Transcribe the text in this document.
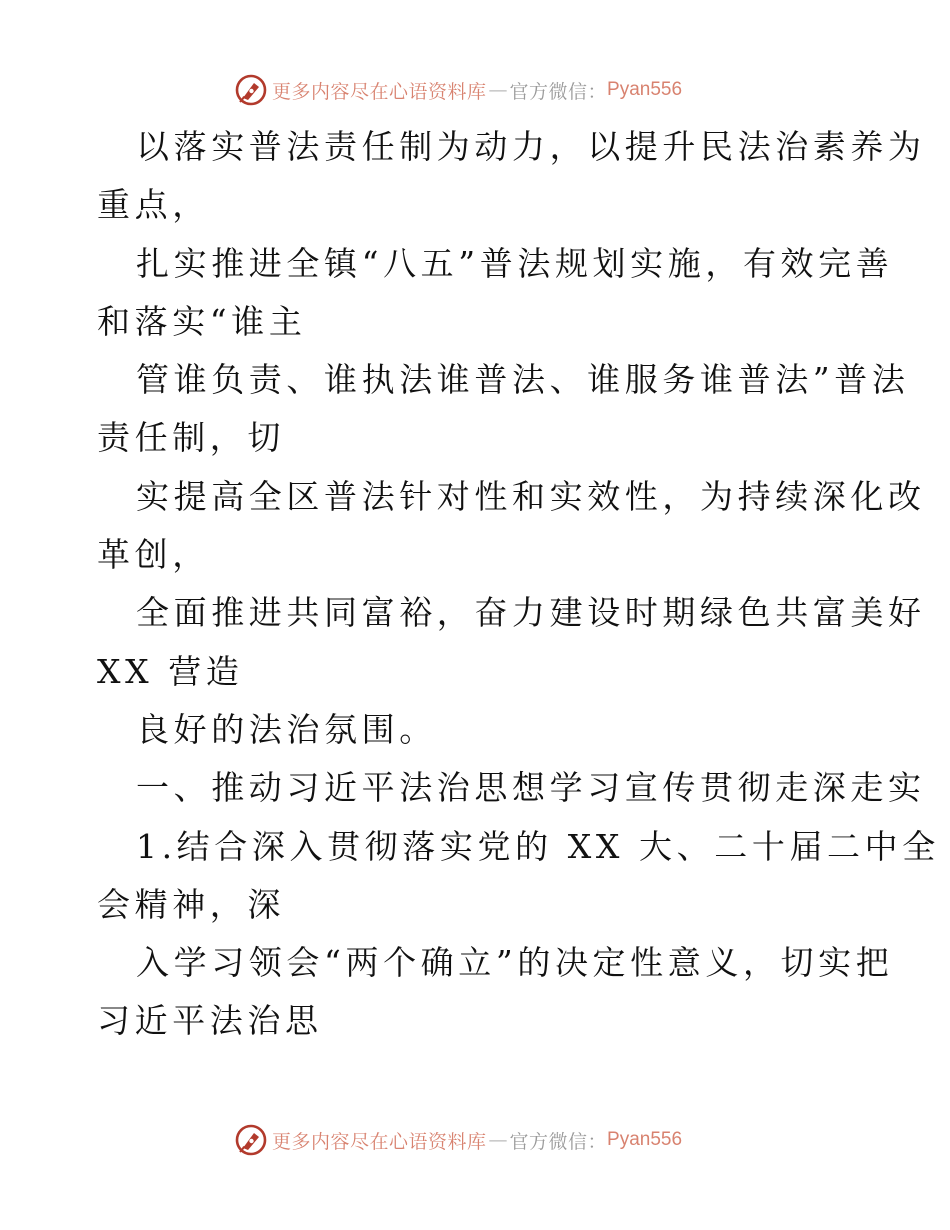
更多内容尽在心语资料库 — 官方微信： Pyan556
以落实普法责任制为动力，以提升民法治素养为
重点，
扎实推进全镇“八五”普法规划实施，有效完善
和落实“谁主
管谁负责、谁执法谁普法、谁服务谁普法”普法
责任制，切
实提高全区普法针对性和实效性，为持续深化改
革创，
全面推进共同富裕，奋力建设时期绿色共富美好
XX 营造
良好的法治氛围。
一、推动习近平法治思想学习宣传贯彻走深走实
1.结合深入贯彻落实党的 XX 大、二十届二中全
会精神，深
入学习领会“两个确立”的决定性意义，切实把
习近平法治思
更多内容尽在心语资料库 — 官方微信： Pyan556
